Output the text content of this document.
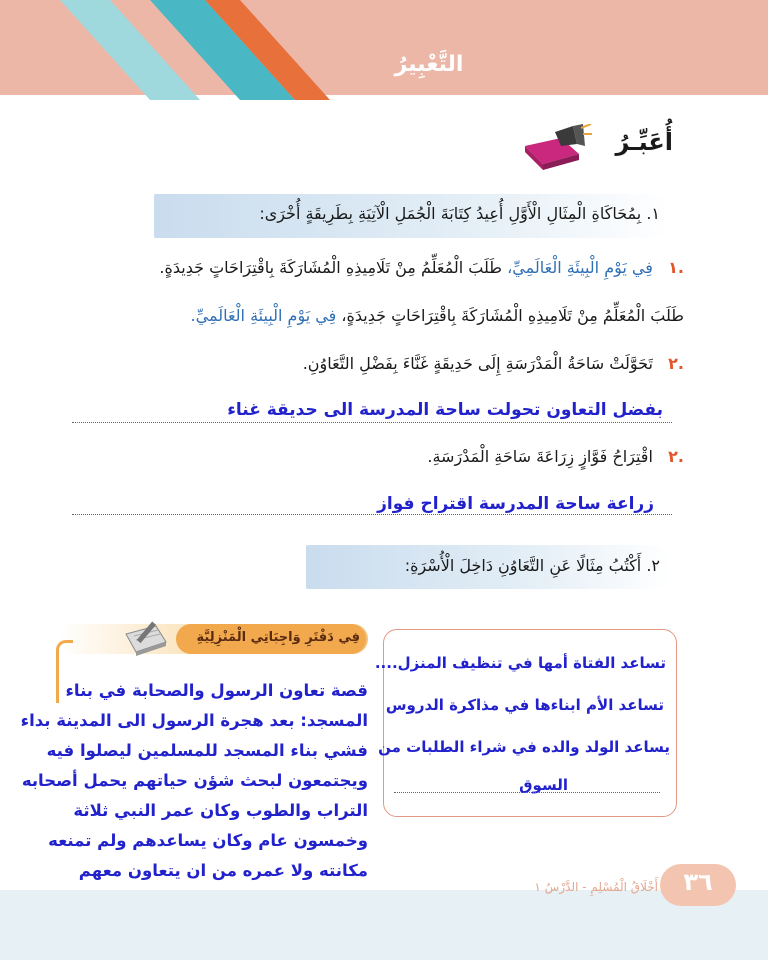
التَّعْبِيرُ
أُعَبِّـرُ
١. بِمُحَاكَاةِ الْمِثَالِ الْأَوَّلِ أُعِيدُ كِتَابَةَ الْجُمَلِ الْآتِيَةِ بِطَرِيقَةٍ أُخْرَى:
.١   فِي يَوْمِ الْبِيئَةِ الْعَالَمِيِّ، طَلَبَ الْمُعَلِّمُ مِنْ تَلَامِيذِهِ الْمُشَارَكَةَ بِاقْتِرَاحَاتٍ جَدِيدَةٍ.
طَلَبَ الْمُعَلِّمُ مِنْ تَلَامِيذِهِ الْمُشَارَكَةَ بِاقْتِرَاحَاتٍ جَدِيدَةٍ، فِي يَوْمِ الْبِيئَةِ الْعَالَمِيِّ.
.٢   تَحَوَّلَتْ سَاحَةُ الْمَدْرَسَةِ إِلَى حَدِيقَةٍ غَنَّاءَ بِفَضْلِ التَّعَاوُنِ.
بفضل التعاون تحولت ساحة المدرسة الى حديقة غناء
.٢   اقْتِرَاحُ فَوَّازٍ زِرَاعَةَ سَاحَةِ الْمَدْرَسَةِ.
زراعة ساحة المدرسة اقتراح فواز
٢. أَكْتُبُ مِثَالًا عَنِ التَّعَاوُنِ دَاخِلَ الْأُسْرَةِ:
تساعد الفتاة أمها في تنظيف المنزل....
تساعد الأم ابناءها في مذاكرة الدروس
يساعد الولد والده في شراء الطلبات من
السوق
فِي دَفْتَرِ وَاجِبَاتِي الْمَنْزِلِيَّةِ
قصة تعاون الرسول والصحابة في بناء
المسجد: بعد هجرة الرسول الى المدينة بداء
فشي بناء المسجد للمسلمين ليصلوا فيه
ويجتمعون لبحث شؤن حياتهم يحمل أصحابه
التراب والطوب وكان عمر النبي ثلاثة
وخمسون عام وكان يساعدهم ولم تمنعه
مكانته ولا عمره من ان يتعاون معهم	٣٦
أَخْلَاقُ الْمُسْلِمِ - الدَّرْسُ ١
